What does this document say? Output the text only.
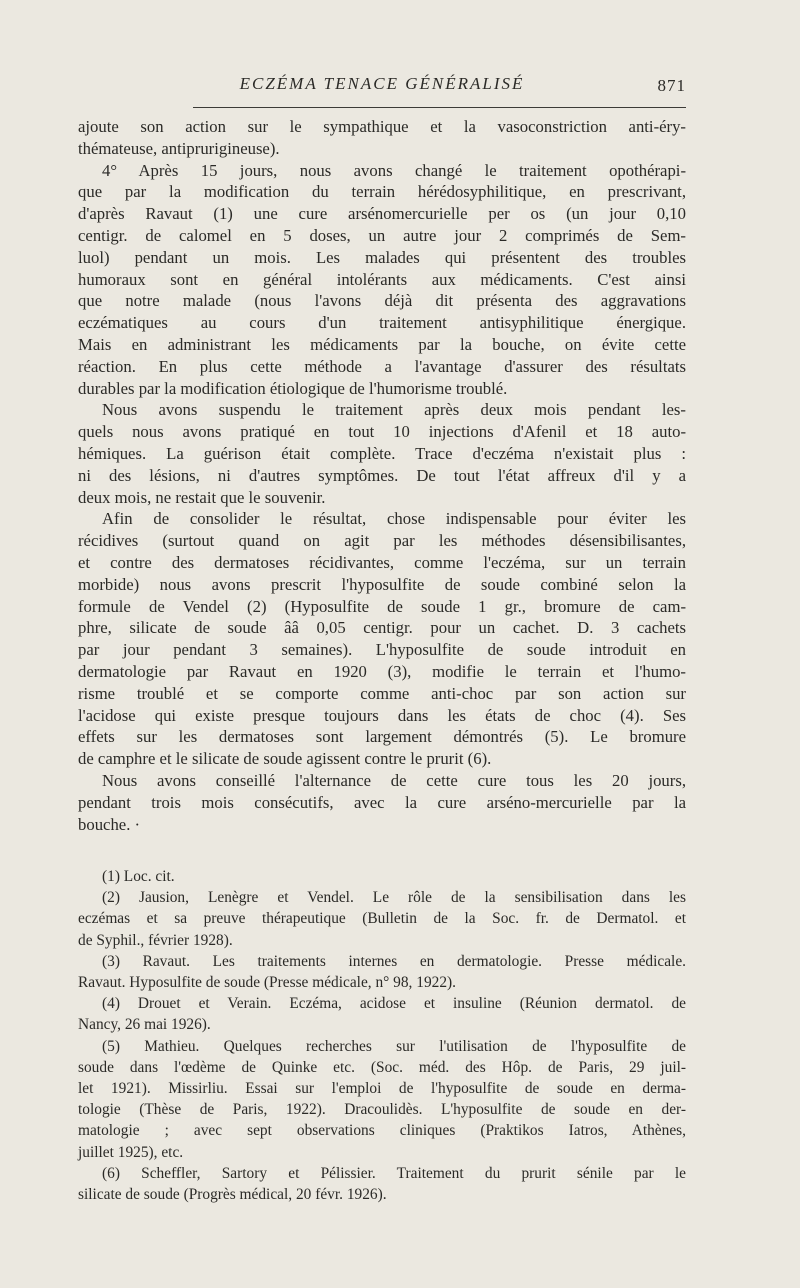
ECZÉMA TENACE GÉNÉRALISÉ	871

ajoute son action sur le sympathique et la vasoconstriction anti-éry-
thémateuse, antiprurigineuse).

4° Après 15 jours, nous avons changé le traitement opothérapi-
que par la modification du terrain hérédosyphilitique, en prescrivant,
d'après Ravaut (1) une cure arsénomercurielle per os (un jour 0,10
centigr. de calomel en 5 doses, un autre jour 2 comprimés de Sem-
luol) pendant un mois. Les malades qui présentent des troubles
humoraux sont en général intolérants aux médicaments. C'est ainsi
que notre malade (nous l'avons déjà dit présenta des aggravations
eczématiques au cours d'un traitement antisyphilitique énergique.
Mais en administrant les médicaments par la bouche, on évite cette
réaction. En plus cette méthode a l'avantage d'assurer des résultats
durables par la modification étiologique de l'humorisme troublé.

Nous avons suspendu le traitement après deux mois pendant les-
quels nous avons pratiqué en tout 10 injections d'Afenil et 18 auto-
hémiques. La guérison était complète. Trace d'eczéma n'existait plus :
ni des lésions, ni d'autres symptômes. De tout l'état affreux d'il y a
deux mois, ne restait que le souvenir.

Afin de consolider le résultat, chose indispensable pour éviter les
récidives (surtout quand on agit par les méthodes désensibilisantes,
et contre des dermatoses récidivantes, comme l'eczéma, sur un terrain
morbide) nous avons prescrit l'hyposulfite de soude combiné selon la
formule de Vendel (2) (Hyposulfite de soude 1 gr., bromure de cam-
phre, silicate de soude ââ 0,05 centigr. pour un cachet. D. 3 cachets
par jour pendant 3 semaines). L'hyposulfite de soude introduit en
dermatologie par Ravaut en 1920 (3), modifie le terrain et l'humo-
risme troublé et se comporte comme anti-choc par son action sur
l'acidose qui existe presque toujours dans les états de choc (4). Ses
effets sur les dermatoses sont largement démontrés (5). Le bromure
de camphre et le silicate de soude agissent contre le prurit (6).

Nous avons conseillé l'alternance de cette cure tous les 20 jours,
pendant trois mois consécutifs, avec la cure arséno-mercurielle par la
bouche. ·

(1) Loc. cit.

(2) Jausion, Lenègre et Vendel. Le rôle de la sensibilisation dans les
eczémas et sa preuve thérapeutique (Bulletin de la Soc. fr. de Dermatol. et
de Syphil., février 1928).

(3) Ravaut. Les traitements internes en dermatologie. Presse médicale.
Ravaut. Hyposulfite de soude (Presse médicale, n° 98, 1922).

(4) Drouet et Verain. Eczéma, acidose et insuline (Réunion dermatol. de
Nancy, 26 mai 1926).

(5) Mathieu. Quelques recherches sur l'utilisation de l'hyposulfite de
soude dans l'œdème de Quinke etc. (Soc. méd. des Hôp. de Paris, 29 juil-
let 1921). Missirliu. Essai sur l'emploi de l'hyposulfite de soude en derma-
tologie (Thèse de Paris, 1922). Dracoulidès. L'hyposulfite de soude en der-
matologie ; avec sept observations cliniques (Praktikos Iatros, Athènes,
juillet 1925), etc.

(6) Scheffler, Sartory et Pélissier. Traitement du prurit sénile par le
silicate de soude (Progrès médical, 20 févr. 1926).
